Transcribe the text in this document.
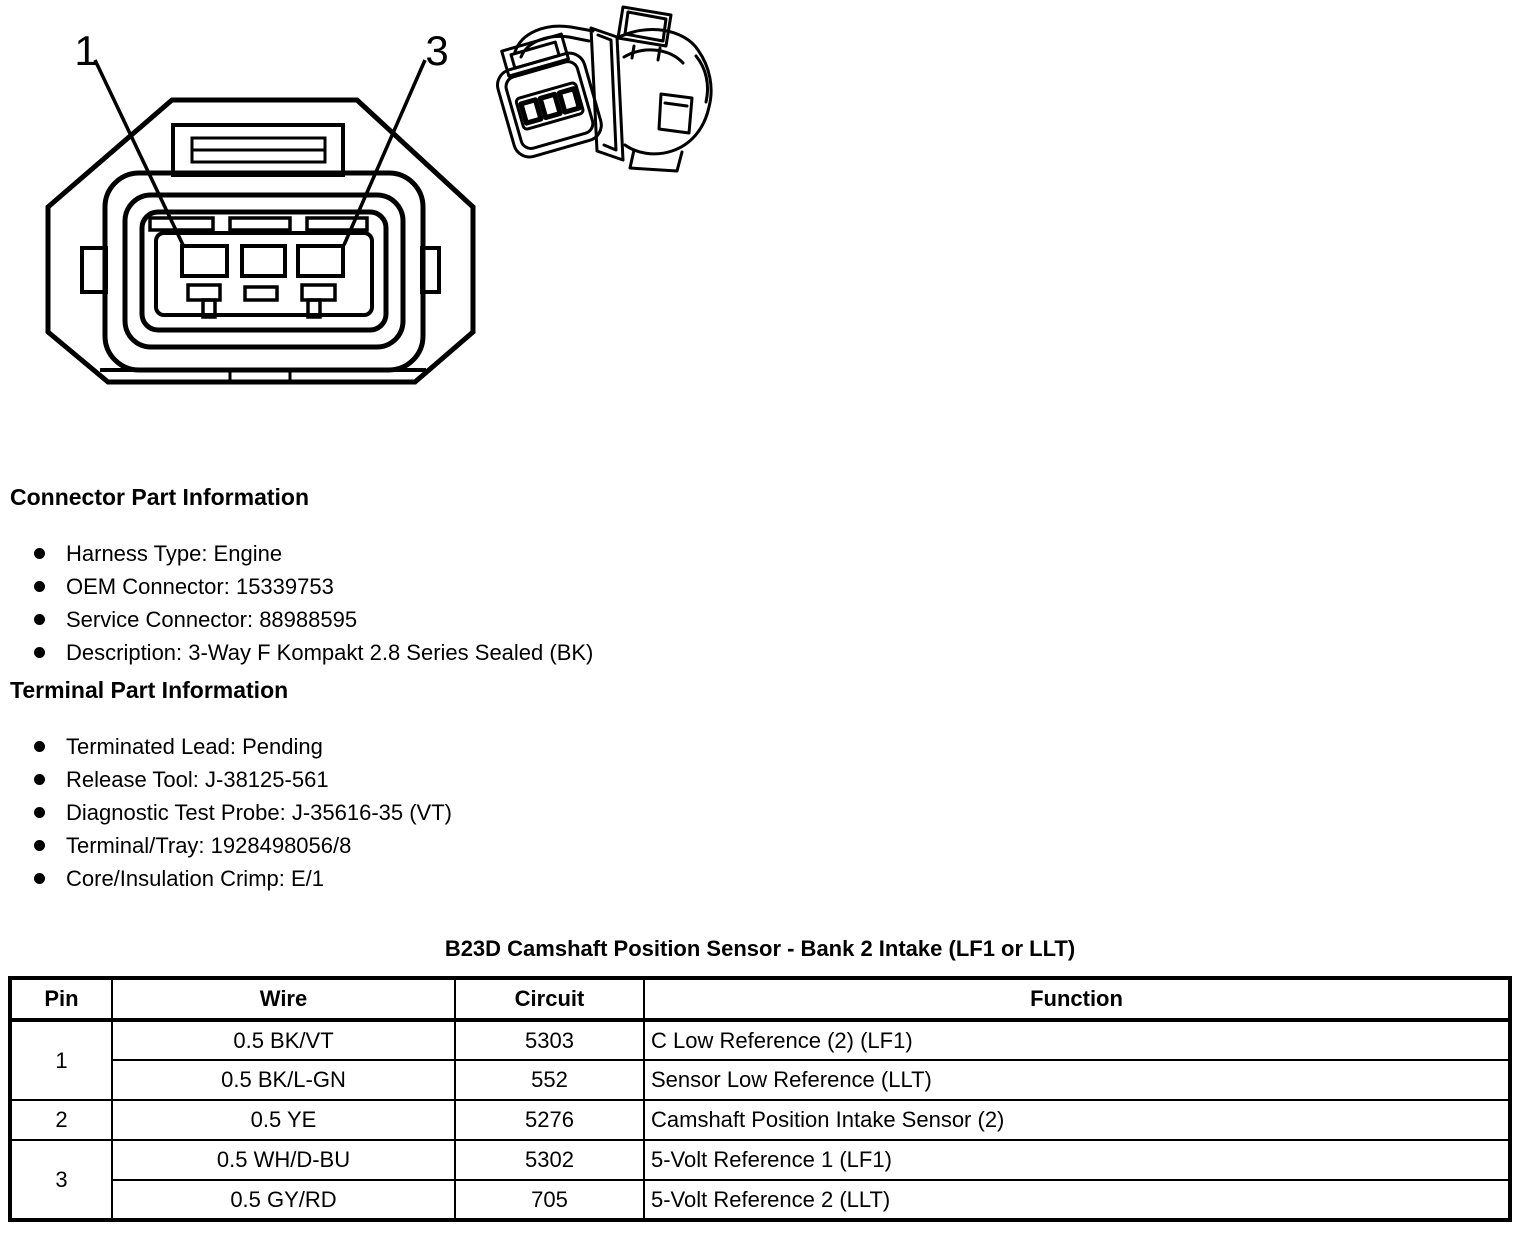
1	3
Connector Part Information
Harness Type: Engine
OEM Connector: 15339753
Service Connector: 88988595
Description: 3-Way F Kompakt 2.8 Series Sealed (BK)
Terminal Part Information
Terminated Lead: Pending
Release Tool: J-38125-561
Diagnostic Test Probe: J-35616-35 (VT)
Terminal/Tray: 1928498056/8
Core/Insulation Crimp: E/1
B23D Camshaft Position Sensor - Bank 2 Intake (LF1 or LLT)
Pin	Wire	Circuit	Function
1	0.5 BK/VT	5303	C Low Reference (2) (LF1)
	0.5 BK/L-GN	552	Sensor Low Reference (LLT)
2	0.5 YE	5276	Camshaft Position Intake Sensor (2)
3	0.5 WH/D-BU	5302	5-Volt Reference 1 (LF1)
	0.5 GY/RD	705	5-Volt Reference 2 (LLT)
